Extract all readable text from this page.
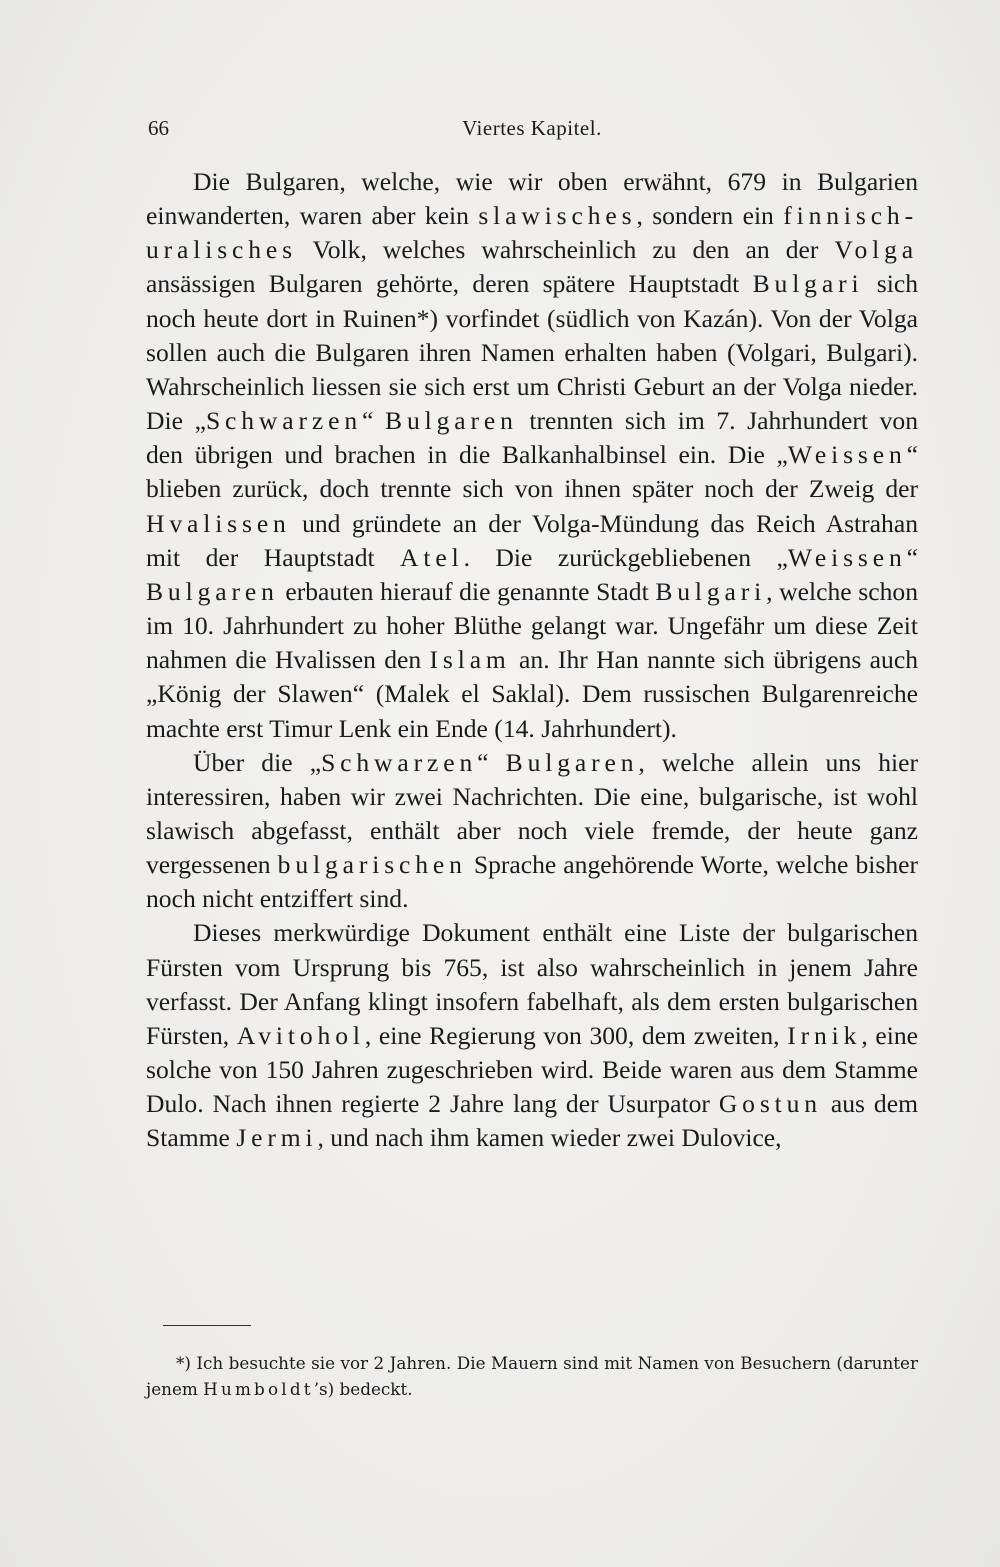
66	Viertes Kapitel.

Die Bulgaren, welche, wie wir oben erwähnt, 679 in Bulgarien einwanderten, waren aber kein slawisches, sondern ein finnisch-uralisches Volk, welches wahrscheinlich zu den an der Volga ansässigen Bulgaren gehörte, deren spätere Hauptstadt Bulgari sich noch heute dort in Ruinen*) vorfindet (südlich von Kazán). Von der Volga sollen auch die Bulgaren ihren Namen erhalten haben (Volgari, Bulgari). Wahrscheinlich liessen sie sich erst um Christi Geburt an der Volga nieder. Die „Schwarzen“ Bulgaren trennten sich im 7. Jahrhundert von den übrigen und brachen in die Balkanhalbinsel ein. Die „Weissen“ blieben zurück, doch trennte sich von ihnen später noch der Zweig der Hvalissen und gründete an der Volga-Mündung das Reich Astrahan mit der Hauptstadt Atel. Die zurückgebliebenen „Weissen“ Bulgaren erbauten hierauf die genannte Stadt Bulgari, welche schon im 10. Jahrhundert zu hoher Blüthe gelangt war. Ungefähr um diese Zeit nahmen die Hvalissen den Islam an. Ihr Han nannte sich übrigens auch „König der Slawen“ (Malek el Saklal). Dem russischen Bulgarenreiche machte erst Timur Lenk ein Ende (14. Jahrhundert).

Über die „Schwarzen“ Bulgaren, welche allein uns hier interessiren, haben wir zwei Nachrichten. Die eine, bulgarische, ist wohl slawisch abgefasst, enthält aber noch viele fremde, der heute ganz vergessenen bulgarischen Sprache angehörende Worte, welche bisher noch nicht entziffert sind.

Dieses merkwürdige Dokument enthält eine Liste der bulgarischen Fürsten vom Ursprung bis 765, ist also wahrscheinlich in jenem Jahre verfasst. Der Anfang klingt insofern fabelhaft, als dem ersten bulgarischen Fürsten, Avitohol, eine Regierung von 300, dem zweiten, Irnik, eine solche von 150 Jahren zugeschrieben wird. Beide waren aus dem Stamme Dulo. Nach ihnen regierte 2 Jahre lang der Usurpator Gostun aus dem Stamme Jermi, und nach ihm kamen wieder zwei Dulovice,

*) Ich besuchte sie vor 2 Jahren. Die Mauern sind mit Namen von Besuchern (darunter jenem Humboldt’s) bedeckt.
